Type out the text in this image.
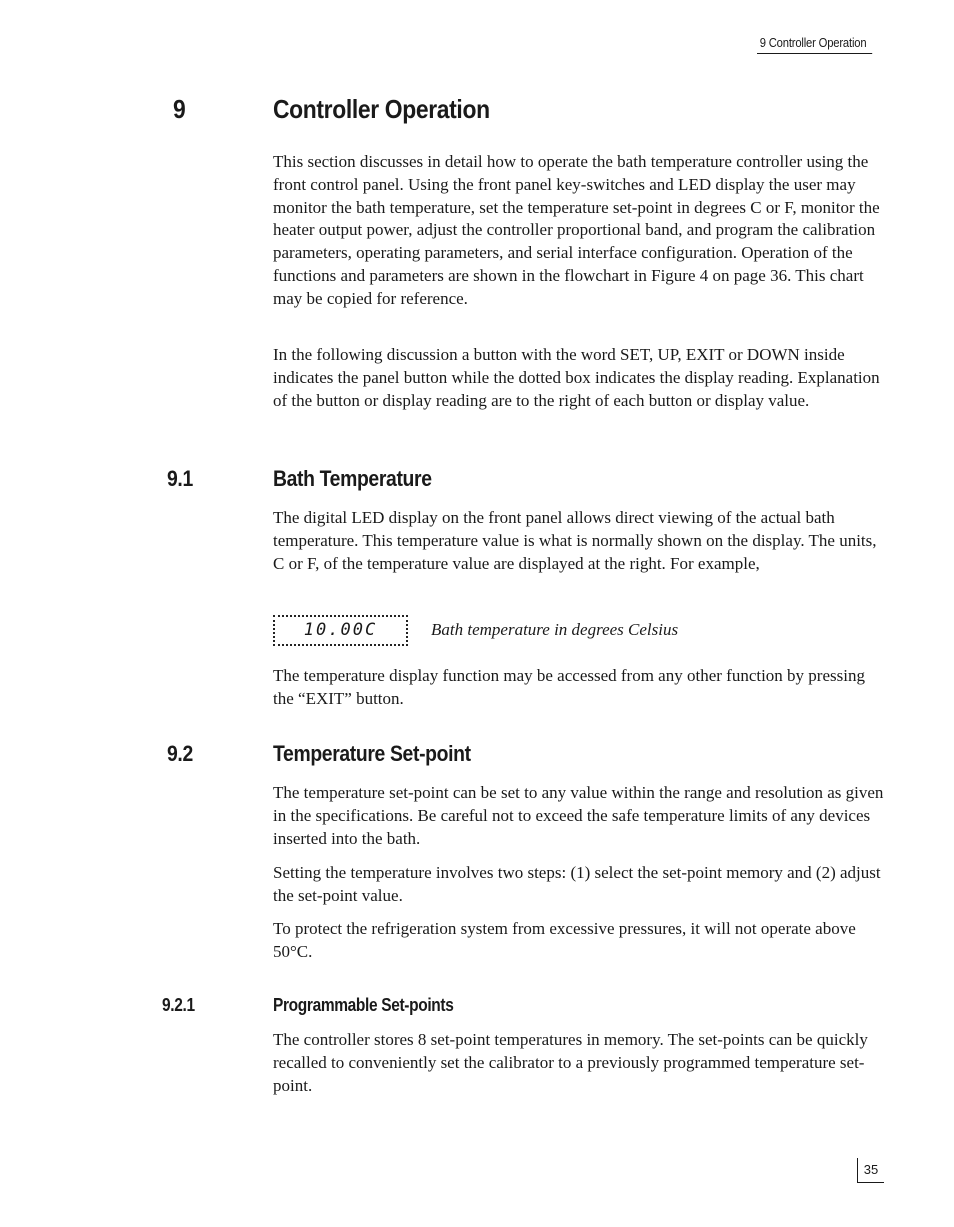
9 Controller Operation
9	Controller Operation

This section discusses in detail how to operate the bath temperature controller using the front control panel. Using the front panel key-switches and LED display the user may monitor the bath temperature, set the temperature set-point in degrees C or F, monitor the heater output power, adjust the controller proportional band, and program the calibration parameters, operating parameters, and serial interface configuration. Operation of the functions and parameters are shown in the flowchart in Figure 4 on page 36. This chart may be copied for reference.

In the following discussion a button with the word SET, UP, EXIT or DOWN inside indicates the panel button while the dotted box indicates the display reading. Explanation of the button or display reading are to the right of each button or display value.

9.1	Bath Temperature

The digital LED display on the front panel allows direct viewing of the actual bath temperature. This temperature value is what is normally shown on the display. The units, C or F, of the temperature value are displayed at the right. For example,

10.00C	Bath temperature in degrees Celsius

The temperature display function may be accessed from any other function by pressing the “EXIT” button.

9.2	Temperature Set-point

The temperature set-point can be set to any value within the range and resolution as given in the specifications. Be careful not to exceed the safe temperature limits of any devices inserted into the bath.

Setting the temperature involves two steps: (1) select the set-point memory and (2) adjust the set-point value.

To protect the refrigeration system from excessive pressures, it will not operate above 50°C.

9.2.1	Programmable Set-points

The controller stores 8 set-point temperatures in memory. The set-points can be quickly recalled to conveniently set the calibrator to a previously programmed temperature set-point.

35
